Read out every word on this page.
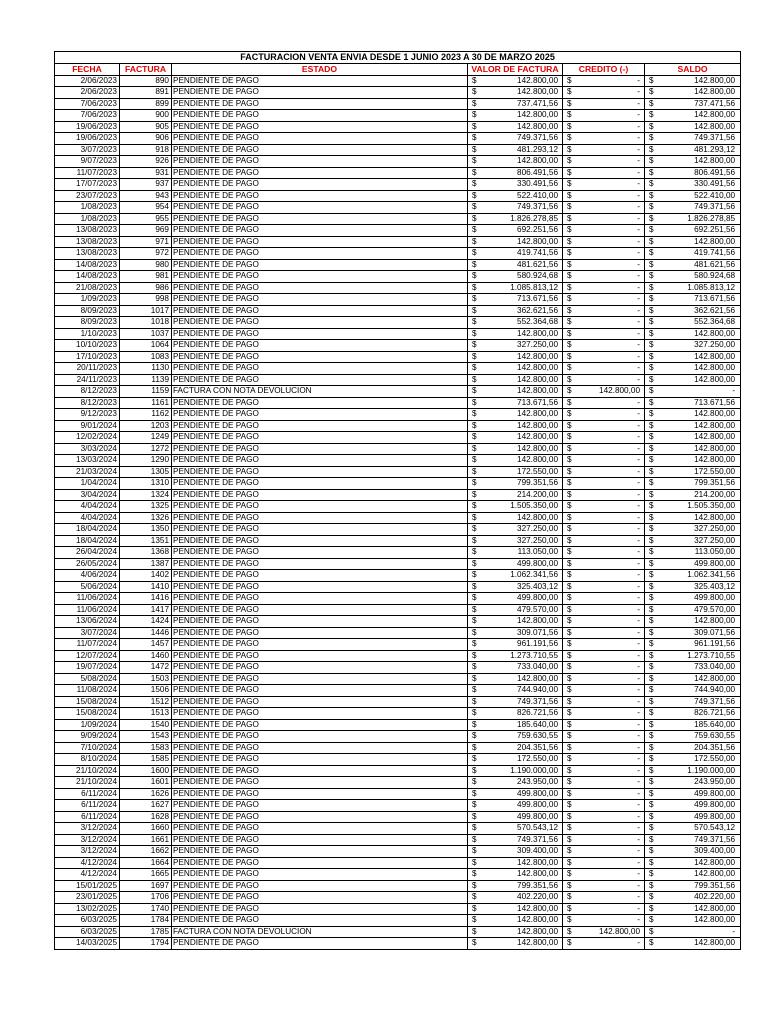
FACTURACION VENTA ENVIA DESDE 1 JUNIO 2023 A 30 DE MARZO 2025					
FECHA	FACTURA	ESTADO	VALOR DE FACTURA	CREDITO (-)	SALDO
2/06/2023	890	PENDIENTE DE PAGO	$ 142.800,00	$ -	$ 142.800,00

2/06/2023	891	PENDIENTE DE PAGO	$ 142.800,00	$ -	$ 142.800,00

7/06/2023	899	PENDIENTE DE PAGO	$ 737.471,56	$ -	$ 737.471,56

7/06/2023	900	PENDIENTE DE PAGO	$ 142.800,00	$ -	$ 142.800,00

19/06/2023	905	PENDIENTE DE PAGO	$ 142.800,00	$ -	$ 142.800,00

19/06/2023	906	PENDIENTE DE PAGO	$ 749.371,56	$ -	$ 749.371,56

3/07/2023	918	PENDIENTE DE PAGO	$ 481.293,12	$ -	$ 481.293,12

9/07/2023	926	PENDIENTE DE PAGO	$ 142.800,00	$ -	$ 142.800,00

11/07/2023	931	PENDIENTE DE PAGO	$ 806.491,56	$ -	$ 806.491,56

17/07/2023	937	PENDIENTE DE PAGO	$ 330.491,56	$ -	$ 330.491,56

23/07/2023	943	PENDIENTE DE PAGO	$ 522.410,00	$ -	$ 522.410,00

1/08/2023	954	PENDIENTE DE PAGO	$ 749.371,56	$ -	$ 749.371,56

1/08/2023	955	PENDIENTE DE PAGO	$ 1.826.278,85	$ -	$ 1.826.278,85

13/08/2023	969	PENDIENTE DE PAGO	$ 692.251,56	$ -	$ 692.251,56

13/08/2023	971	PENDIENTE DE PAGO	$ 142.800,00	$ -	$ 142.800,00

13/08/2023	972	PENDIENTE DE PAGO	$ 419.741,56	$ -	$ 419.741,56

14/08/2023	980	PENDIENTE DE PAGO	$ 481.621,56	$ -	$ 481.621,56

14/08/2023	981	PENDIENTE DE PAGO	$ 580.924,68	$ -	$ 580.924,68

21/08/2023	986	PENDIENTE DE PAGO	$ 1.085.813,12	$ -	$ 1.085.813,12

1/09/2023	998	PENDIENTE DE PAGO	$ 713.671,56	$ -	$ 713.671,56

8/09/2023	1017	PENDIENTE DE PAGO	$ 362.621,56	$ -	$ 362.621,56

8/09/2023	1018	PENDIENTE DE PAGO	$ 552.364,68	$ -	$ 552.364,68

1/10/2023	1037	PENDIENTE DE PAGO	$ 142.800,00	$ -	$ 142.800,00

10/10/2023	1064	PENDIENTE DE PAGO	$ 327.250,00	$ -	$ 327.250,00

17/10/2023	1083	PENDIENTE DE PAGO	$ 142.800,00	$ -	$ 142.800,00

20/11/2023	1130	PENDIENTE DE PAGO	$ 142.800,00	$ -	$ 142.800,00

24/11/2023	1139	PENDIENTE DE PAGO	$ 142.800,00	$ -	$ 142.800,00

8/12/2023	1159	FACTURA CON NOTA DEVOLUCION	$ 142.800,00	$ 142.800,00	$ -

8/12/2023	1161	PENDIENTE DE PAGO	$ 713.671,56	$ -	$ 713.671,56

9/12/2023	1162	PENDIENTE DE PAGO	$ 142.800,00	$ -	$ 142.800,00

9/01/2024	1203	PENDIENTE DE PAGO	$ 142.800,00	$ -	$ 142.800,00

12/02/2024	1249	PENDIENTE DE PAGO	$ 142.800,00	$ -	$ 142.800,00

3/03/2024	1272	PENDIENTE DE PAGO	$ 142.800,00	$ -	$ 142.800,00

13/03/2024	1290	PENDIENTE DE PAGO	$ 142.800,00	$ -	$ 142.800,00

21/03/2024	1305	PENDIENTE DE PAGO	$ 172.550,00	$ -	$ 172.550,00

1/04/2024	1310	PENDIENTE DE PAGO	$ 799.351,56	$ -	$ 799.351,56

3/04/2024	1324	PENDIENTE DE PAGO	$ 214.200,00	$ -	$ 214.200,00

4/04/2024	1325	PENDIENTE DE PAGO	$ 1.505.350,00	$ -	$ 1.505.350,00

4/04/2024	1326	PENDIENTE DE PAGO	$ 142.800,00	$ -	$ 142.800,00

18/04/2024	1350	PENDIENTE DE PAGO	$ 327.250,00	$ -	$ 327.250,00

18/04/2024	1351	PENDIENTE DE PAGO	$ 327.250,00	$ -	$ 327.250,00

26/04/2024	1368	PENDIENTE DE PAGO	$ 113.050,00	$ -	$ 113.050,00

26/05/2024	1387	PENDIENTE DE PAGO	$ 499.800,00	$ -	$ 499.800,00

4/06/2024	1402	PENDIENTE DE PAGO	$ 1.062.341,56	$ -	$ 1.062.341,56

5/06/2024	1410	PENDIENTE DE PAGO	$ 325.403,12	$ -	$ 325.403,12

11/06/2024	1416	PENDIENTE DE PAGO	$ 499.800,00	$ -	$ 499.800,00

11/06/2024	1417	PENDIENTE DE PAGO	$ 479.570,00	$ -	$ 479.570,00

13/06/2024	1424	PENDIENTE DE PAGO	$ 142.800,00	$ -	$ 142.800,00

3/07/2024	1446	PENDIENTE DE PAGO	$ 309.071,56	$ -	$ 309.071,56

11/07/2024	1457	PENDIENTE DE PAGO	$ 961.191,56	$ -	$ 961.191,56

12/07/2024	1460	PENDIENTE DE PAGO	$ 1.273.710,55	$ -	$ 1.273.710,55

19/07/2024	1472	PENDIENTE DE PAGO	$ 733.040,00	$ -	$ 733.040,00

5/08/2024	1503	PENDIENTE DE PAGO	$ 142.800,00	$ -	$ 142.800,00

11/08/2024	1506	PENDIENTE DE PAGO	$ 744.940,00	$ -	$ 744.940,00

15/08/2024	1512	PENDIENTE DE PAGO	$ 749.371,56	$ -	$ 749.371,56

15/08/2024	1513	PENDIENTE DE PAGO	$ 826.721,56	$ -	$ 826.721,56

1/09/2024	1540	PENDIENTE DE PAGO	$ 185.640,00	$ -	$ 185.640,00

9/09/2024	1543	PENDIENTE DE PAGO	$ 759.630,55	$ -	$ 759.630,55

7/10/2024	1583	PENDIENTE DE PAGO	$ 204.351,56	$ -	$ 204.351,56

8/10/2024	1585	PENDIENTE DE PAGO	$ 172.550,00	$ -	$ 172.550,00

21/10/2024	1600	PENDIENTE DE PAGO	$ 1.190.000,00	$ -	$ 1.190.000,00

21/10/2024	1601	PENDIENTE DE PAGO	$ 243.950,00	$ -	$ 243.950,00

6/11/2024	1626	PENDIENTE DE PAGO	$ 499.800,00	$ -	$ 499.800,00

6/11/2024	1627	PENDIENTE DE PAGO	$ 499.800,00	$ -	$ 499.800,00

6/11/2024	1628	PENDIENTE DE PAGO	$ 499.800,00	$ -	$ 499.800,00

3/12/2024	1660	PENDIENTE DE PAGO	$ 570.543,12	$ -	$ 570.543,12

3/12/2024	1661	PENDIENTE DE PAGO	$ 749.371,56	$ -	$ 749.371,56

3/12/2024	1662	PENDIENTE DE PAGO	$ 309.400,00	$ -	$ 309.400,00

4/12/2024	1664	PENDIENTE DE PAGO	$ 142.800,00	$ -	$ 142.800,00

4/12/2024	1665	PENDIENTE DE PAGO	$ 142.800,00	$ -	$ 142.800,00

15/01/2025	1697	PENDIENTE DE PAGO	$ 799.351,56	$ -	$ 799.351,56

23/01/2025	1706	PENDIENTE DE PAGO	$ 402.220,00	$ -	$ 402.220,00

13/02/2025	1740	PENDIENTE DE PAGO	$ 142.800,00	$ -	$ 142.800,00

6/03/2025	1784	PENDIENTE DE PAGO	$ 142.800,00	$ -	$ 142.800,00

6/03/2025	1785	FACTURA CON NOTA DEVOLUCION	$ 142.800,00	$ 142.800,00	$ -

14/03/2025	1794	PENDIENTE DE PAGO	$ 142.800,00	$ -	$ 142.800,00
